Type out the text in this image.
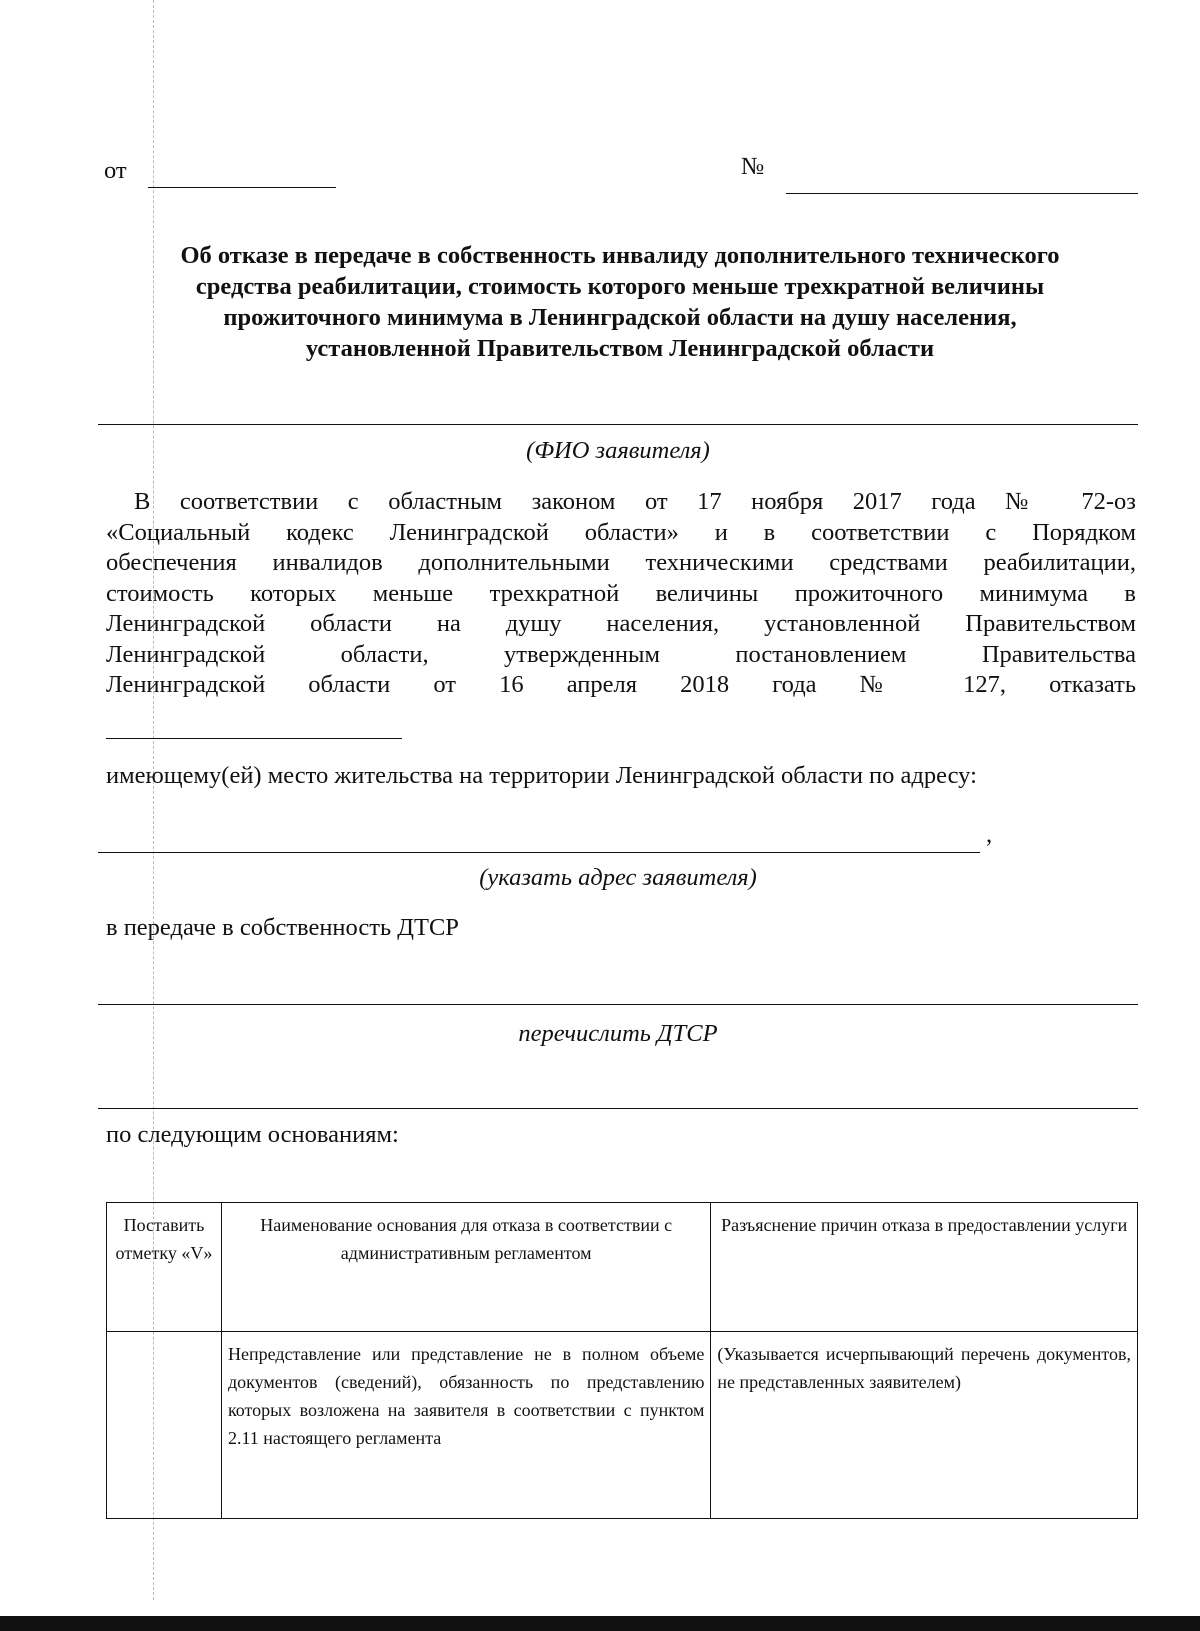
от	№
Об отказе в передаче в собственность инвалиду дополнительного технического
средства реабилитации, стоимость которого меньше трехкратной величины
прожиточного минимума в Ленинградской области на душу населения,
установленной Правительством Ленинградской области
(ФИО заявителя)
В соответствии с областным законом от 17 ноября 2017 года № 72-оз
«Социальный кодекс Ленинградской области» и в соответствии с Порядком
обеспечения инвалидов дополнительными техническими средствами реабилитации,
стоимость которых меньше трехкратной величины прожиточного минимума в
Ленинградской области на душу населения, установленной Правительством
Ленинградской области, утвержденным постановлением Правительства
Ленинградской области от 16 апреля 2018 года № 127, отказать
имеющему(ей) место жительства на территории Ленинградской области по адресу:
,
(указать адрес заявителя)
в передаче в собственность ДТСР
перечислить ДТСР
по следующим основаниям:
Поставить отметку «V»	Наименование основания для отказа в соответствии с административным регламентом	Разъяснение причин отказа в предоставлении услуги
	Непредставление или представление не в полном объеме документов (сведений), обязанность по представлению которых возложена на заявителя в соответствии с пунктом 2.11 настоящего регламента	(Указывается исчерпывающий перечень документов, не представленных заявителем)
